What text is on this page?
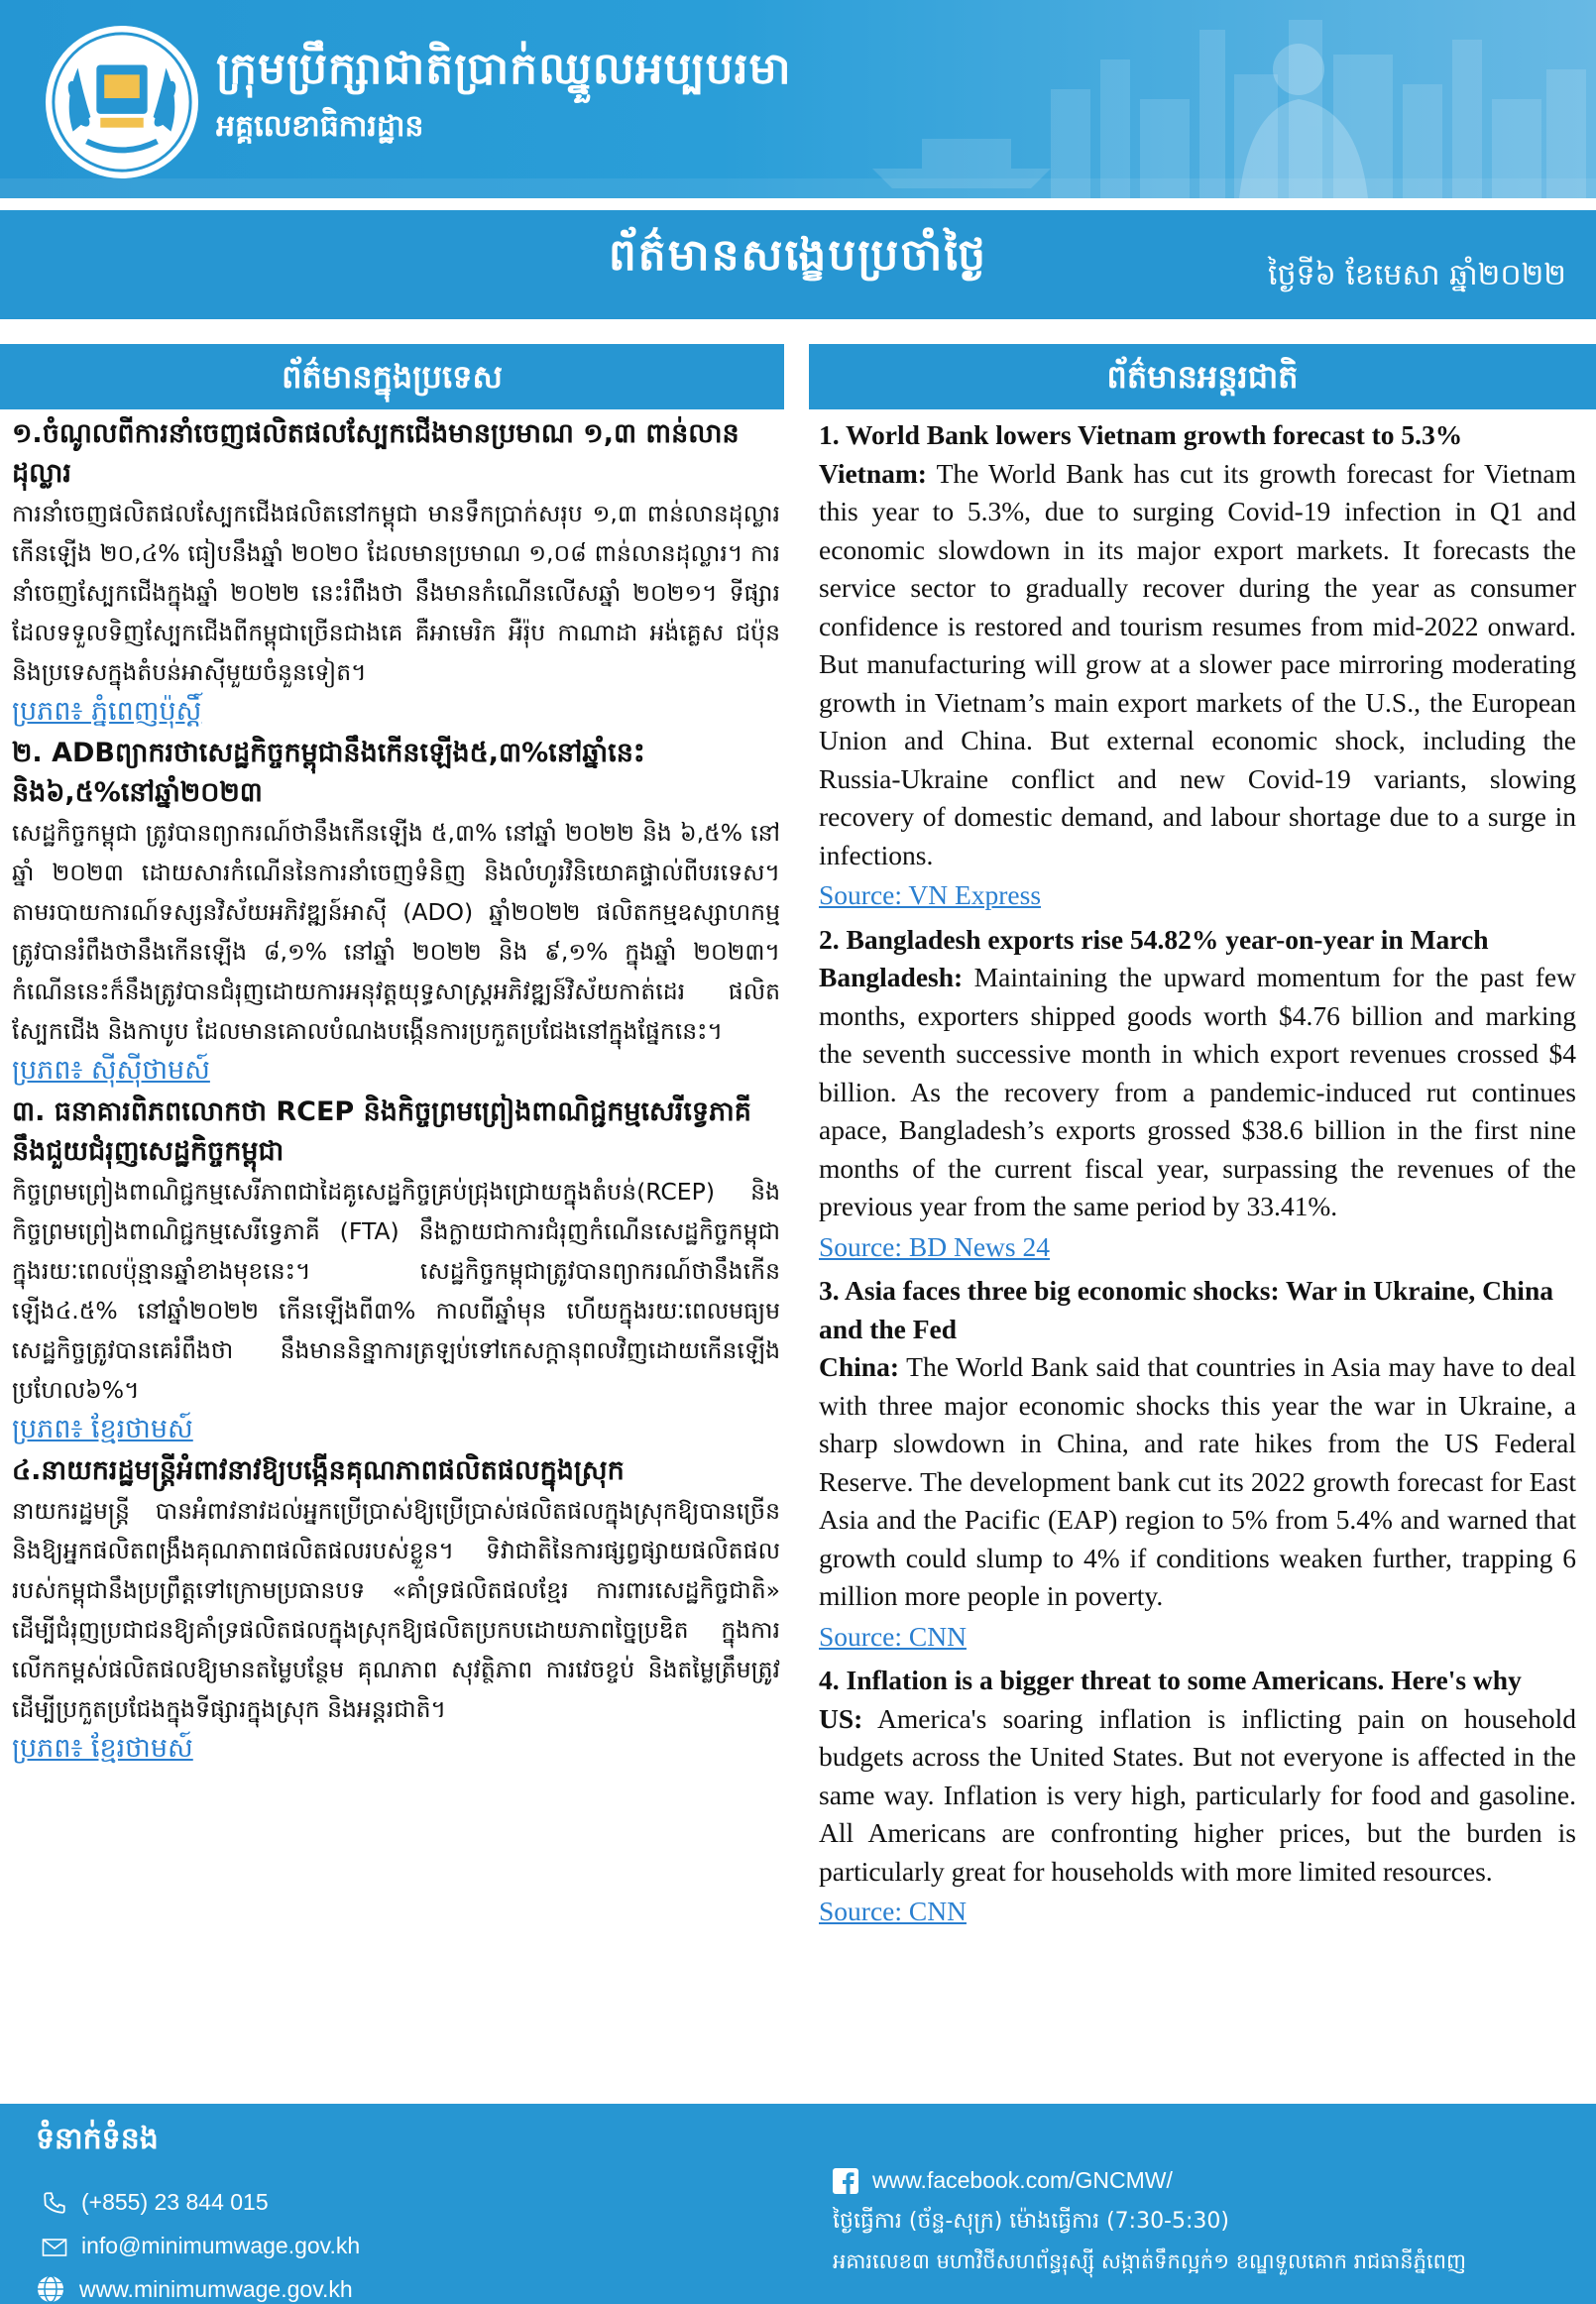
ក្រុមប្រឹក្សាជាតិប្រាក់ឈ្នួលអប្បបរមា
អគ្គលេខាធិការដ្ឋាន
ព័ត៌មានសង្ខេបប្រចាំថ្ងៃ	ថ្ងៃទី៦ ខែមេសា ឆ្នាំ២០២២
ព័ត៌មានក្នុងប្រទេស	ព័ត៌មានអន្តរជាតិ

១.ចំណូលពីការនាំចេញផលិតផលស្បែកជើងមានប្រមាណ ១,៣ ពាន់លានដុល្លារ

ការនាំចេញផលិតផលស្បែកជើងផលិតនៅកម្ពុជា មានទឹកប្រាក់សរុប ១,៣ ពាន់លានដុល្លារ កើនឡើង ២០,៤% ធៀបនឹងឆ្នាំ ២០២០ ដែលមានប្រមាណ ១,០៨ ពាន់លានដុល្លារ។ ការនាំចេញស្បែកជើងក្នុងឆ្នាំ ២០២២ នេះរំពឹងថា នឹងមានកំណើនលើសឆ្នាំ ២០២១។ ទីផ្សារដែលទទួលទិញស្បែកជើងពីកម្ពុជាច្រើនជាងគេ គឺអាមេរិក អឺរ៉ុប កាណាដា អង់គ្លេស ជប៉ុន និងប្រទេសក្នុងតំបន់អាស៊ីមួយចំនួនទៀត។

ប្រភព៖ ភ្នំពេញប៉ុស្តិ៍

២. ADBព្យាករថាសេដ្ឋកិច្ចកម្ពុជានឹងកើនឡើង៥,៣%នៅឆ្នាំនេះនិង៦,៥%នៅឆ្នាំ២០២៣

សេដ្ឋកិច្ចកម្ពុជា ត្រូវបានព្យាករណ៍ថានឹងកើនឡើង ៥,៣% នៅឆ្នាំ ២០២២ និង ៦,៥% នៅឆ្នាំ ២០២៣ ដោយសារកំណើននៃការនាំចេញទំនិញ និងលំហូរវិនិយោគផ្ទាល់ពីបរទេស។ តាមរបាយការណ៍ទស្សនវិស័យអភិវឌ្ឍន៍អាស៊ី (ADO) ឆ្នាំ២០២២ ផលិតកម្មឧស្សាហកម្មត្រូវបានរំពឹងថានឹងកើនឡើង ៨,១% នៅឆ្នាំ ២០២២ និង ៩,១% ក្នុងឆ្នាំ ២០២៣។ កំណើននេះក៏នឹងត្រូវបានជំរុញដោយការអនុវត្តយុទ្ធសាស្រ្តអភិវឌ្ឍន៍វិស័យកាត់ដេរ ផលិតស្បែកជើង និងកាបូប ដែលមានគោលបំណងបង្កើនការប្រកួតប្រជែងនៅក្នុងផ្នែកនេះ។

ប្រភព៖ ស៊ីស៊ីថាមស៍

៣. ធនាគារពិភពលោកថា RCEP និងកិច្ចព្រមព្រៀងពាណិជ្ជកម្មសេរីទ្វេភាគីនឹងជួយជំរុញសេដ្ឋកិច្ចកម្ពុជា

កិច្ចព្រមព្រៀងពាណិជ្ជកម្មសេរីភាពជាដៃគូសេដ្ឋកិច្ចគ្រប់ជ្រុងជ្រោយក្នុងតំបន់(RCEP) និងកិច្ចព្រមព្រៀងពាណិជ្ជកម្មសេរីទ្វេភាគី (FTA) នឹងក្លាយជាការជំរុញកំណើនសេដ្ឋកិច្ចកម្ពុជាក្នុងរយៈពេលប៉ុន្មានឆ្នាំខាងមុខនេះ។ សេដ្ឋកិច្ចកម្ពុជាត្រូវបានព្យាករណ៍ថានឹងកើនឡើង៤.៥% នៅឆ្នាំ២០២២ កើនឡើងពី៣% កាលពីឆ្នាំមុន ហើយក្នុងរយៈពេលមធ្យមសេដ្ឋកិច្ចត្រូវបានគេរំពឹងថា នឹងមាននិន្នាការត្រឡប់ទៅកេសក្តានុពលវិញដោយកើនឡើងប្រហែល៦%។

ប្រភព៖ ខ្មែរថាមស៍

៤.នាយករដ្ឋមន្ត្រីអំពាវនាវឱ្យបង្កើនគុណភាពផលិតផលក្នុងស្រុក

នាយករដ្ឋមន្ត្រី បានអំពាវនាវដល់អ្នកប្រើប្រាស់ឱ្យប្រើប្រាស់ផលិតផលក្នុងស្រុកឱ្យបានច្រើន និងឱ្យអ្នកផលិតពង្រឹងគុណភាពផលិតផលរបស់ខ្លួន។ ទិវាជាតិនៃការផ្សព្វផ្សាយផលិតផលរបស់កម្ពុជានឹងប្រព្រឹត្តទៅក្រោមប្រធានបទ «គាំទ្រផលិតផលខ្មែរ ការពារសេដ្ឋកិច្ចជាតិ» ដើម្បីជំរុញប្រជាជនឱ្យគាំទ្រផលិតផលក្នុងស្រុកឱ្យផលិតប្រកបដោយភាពច្នៃប្រឌិត ក្នុងការលើកកម្ពស់ផលិតផលឱ្យមានតម្លៃបន្ថែម គុណភាព សុវត្ថិភាព ការវេចខ្ចប់ និងតម្លៃត្រឹមត្រូវ ដើម្បីប្រកួតប្រជែងក្នុងទីផ្សារក្នុងស្រុក និងអន្តរជាតិ។

ប្រភព៖ ខ្មែរថាមស៍

1. World Bank lowers Vietnam growth forecast to 5.3%

Vietnam: The World Bank has cut its growth forecast for Vietnam this year to 5.3%, due to surging Covid-19 infection in Q1 and economic slowdown in its major export markets. It forecasts the service sector to gradually recover during the year as consumer confidence is restored and tourism resumes from mid-2022 onward. But manufacturing will grow at a slower pace mirroring moderating growth in Vietnam’s main export markets of the U.S., the European Union and China. But external economic shock, including the Russia-Ukraine conflict and new Covid-19 variants, slowing recovery of domestic demand, and labour shortage due to a surge in infections.

Source: VN Express

2. Bangladesh exports rise 54.82% year-on-year in March

Bangladesh: Maintaining the upward momentum for the past few months, exporters shipped goods worth $4.76 billion and marking the seventh successive month in which export revenues crossed $4 billion. As the recovery from a pandemic-induced rut continues apace, Bangladesh’s exports grossed $38.6 billion in the first nine months of the current fiscal year, surpassing the revenues of the previous year from the same period by 33.41%.

Source: BD News 24

3. Asia faces three big economic shocks: War in Ukraine, China and the Fed

China: The World Bank said that countries in Asia may have to deal with three major economic shocks this year the war in Ukraine, a sharp slowdown in China, and rate hikes from the US Federal Reserve. The development bank cut its 2022 growth forecast for East Asia and the Pacific (EAP) region to 5% from 5.4% and warned that growth could slump to 4% if conditions weaken further, trapping 6 million more people in poverty.

Source: CNN

4. Inflation is a bigger threat to some Americans. Here's why

US: America's soaring inflation is inflicting pain on household budgets across the United States. But not everyone is affected in the same way. Inflation is very high, particularly for food and gasoline. All Americans are confronting higher prices, but the burden is particularly great for households with more limited resources.

Source: CNN

ទំនាក់ទំនង
(+855) 23 844 015
info@minimumwage.gov.kh
www.minimumwage.gov.kh
www.facebook.com/GNCMW/
ថ្ងៃធ្វើការ (ច័ន្ទ-សុក្រ) ម៉ោងធ្វើការ (7:30-5:30)
អគារលេខ៣ មហាវិថីសហព័ន្ធរុស្ស៊ី សង្កាត់ទឹកល្អក់១ ខណ្ឌទួលគោក រាជធានីភ្នំពេញ
